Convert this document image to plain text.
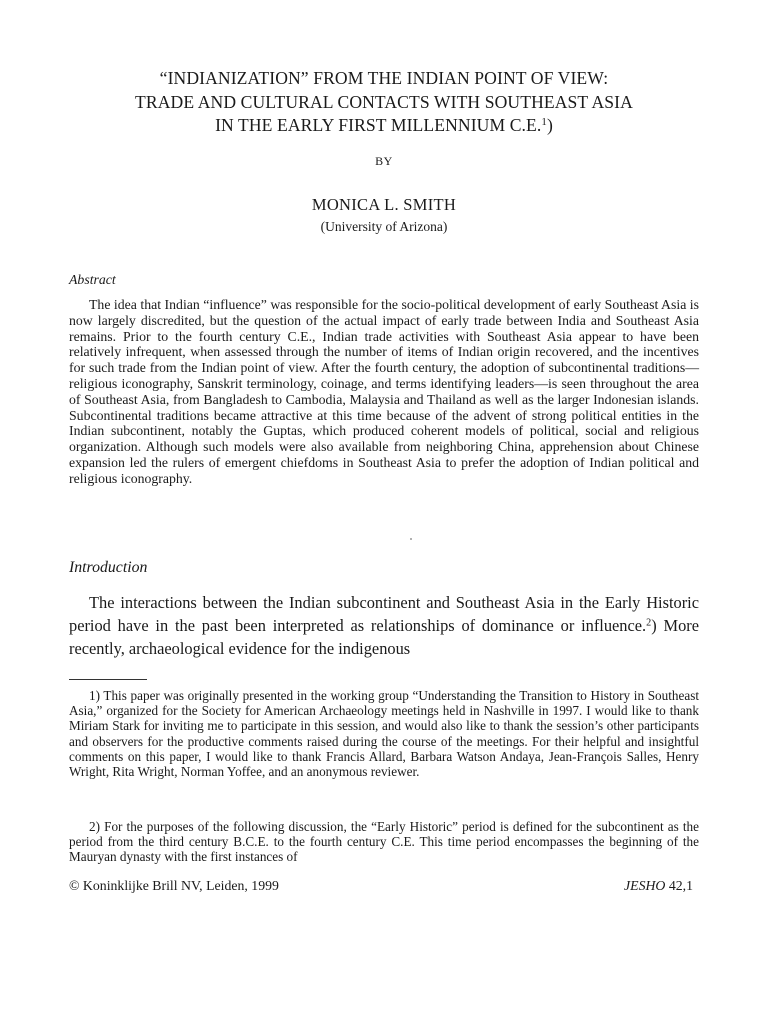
“INDIANIZATION” FROM THE INDIAN POINT OF VIEW:
TRADE AND CULTURAL CONTACTS WITH SOUTHEAST ASIA
IN THE EARLY FIRST MILLENNIUM C.E.$^1$)
BY
MONICA L. SMITH
(University of Arizona)
Abstract

The idea that Indian “influence” was responsible for the socio-political development of early Southeast Asia is now largely discredited, but the question of the actual impact of early trade between India and Southeast Asia remains. Prior to the fourth century C.E., Indian trade activities with Southeast Asia appear to have been relatively infrequent, when assessed through the number of items of Indian origin recovered, and the incentives for such trade from the Indian point of view. After the fourth century, the adoption of subcontinental traditions—religious iconography, Sanskrit terminology, coinage, and terms identifying leaders—is seen throughout the area of Southeast Asia, from Bangladesh to Cambodia, Malaysia and Thailand as well as the larger Indonesian islands. Subcontinental traditions became attractive at this time because of the advent of strong political entities in the Indian subcontinent, notably the Guptas, which produced coherent models of political, social and religious organization. Although such models were also available from neighboring China, apprehension about Chinese expansion led the rulers of emergent chiefdoms in Southeast Asia to prefer the adoption of Indian political and religious iconography.

Introduction

The interactions between the Indian subcontinent and Southeast Asia in the Early Historic period have in the past been interpreted as relationships of dominance or influence.$^2$) More recently, archaeological evidence for the indigenous

1) This paper was originally presented in the working group “Understanding the Transition to History in Southeast Asia,” organized for the Society for American Archaeology meetings held in Nashville in 1997. I would like to thank Miriam Stark for inviting me to participate in this session, and would also like to thank the session’s other participants and observers for the productive comments raised during the course of the meetings. For their helpful and insightful comments on this paper, I would like to thank Francis Allard, Barbara Watson Andaya, Jean-François Salles, Henry Wright, Rita Wright, Norman Yoffee, and an anonymous reviewer.

2) For the purposes of the following discussion, the “Early Historic” period is defined for the subcontinent as the period from the third century B.C.E. to the fourth century C.E. This time period encompasses the beginning of the Mauryan dynasty with the first instances of

© Koninklijke Brill NV, Leiden, 1999	JESHO 42,1
